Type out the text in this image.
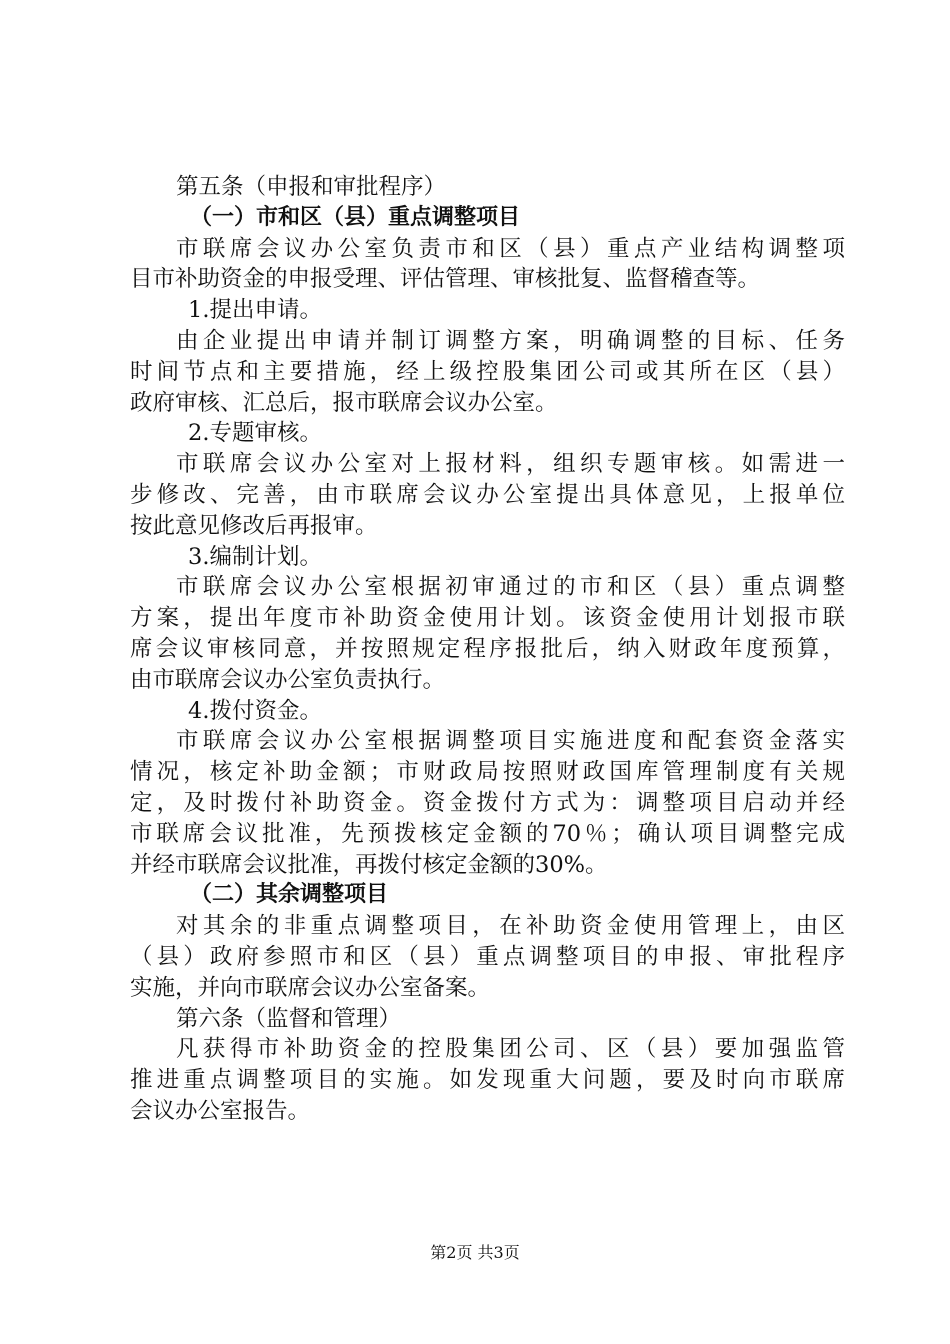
第五条（申报和审批程序）
（一）市和区（县）重点调整项目
市联席会议办公室负责市和区（县）重点产业结构调整项
目市补助资金的申报受理、评估管理、审核批复、监督稽查等。
1.提出申请。
由企业提出申请并制订调整方案，明确调整的目标、任务
时间节点和主要措施，经上级控股集团公司或其所在区（县）
政府审核、汇总后，报市联席会议办公室。
2.专题审核。
市联席会议办公室对上报材料，组织专题审核。如需进一
步修改、完善，由市联席会议办公室提出具体意见，上报单位
按此意见修改后再报审。
3.编制计划。
市联席会议办公室根据初审通过的市和区（县）重点调整
方案，提出年度市补助资金使用计划。该资金使用计划报市联
席会议审核同意，并按照规定程序报批后，纳入财政年度预算，
由市联席会议办公室负责执行。
4.拨付资金。
市联席会议办公室根据调整项目实施进度和配套资金落实
情况，核定补助金额；市财政局按照财政国库管理制度有关规
定，及时拨付补助资金。资金拨付方式为：调整项目启动并经
市联席会议批准，先预拨核定金额的70％；确认项目调整完成
并经市联席会议批准，再拨付核定金额的30%。
（二）其余调整项目
对其余的非重点调整项目，在补助资金使用管理上，由区
（县）政府参照市和区（县）重点调整项目的申报、审批程序
实施，并向市联席会议办公室备案。
第六条（监督和管理）
凡获得市补助资金的控股集团公司、区（县）要加强监管
推进重点调整项目的实施。如发现重大问题，要及时向市联席
会议办公室报告。
第2页 共3页
